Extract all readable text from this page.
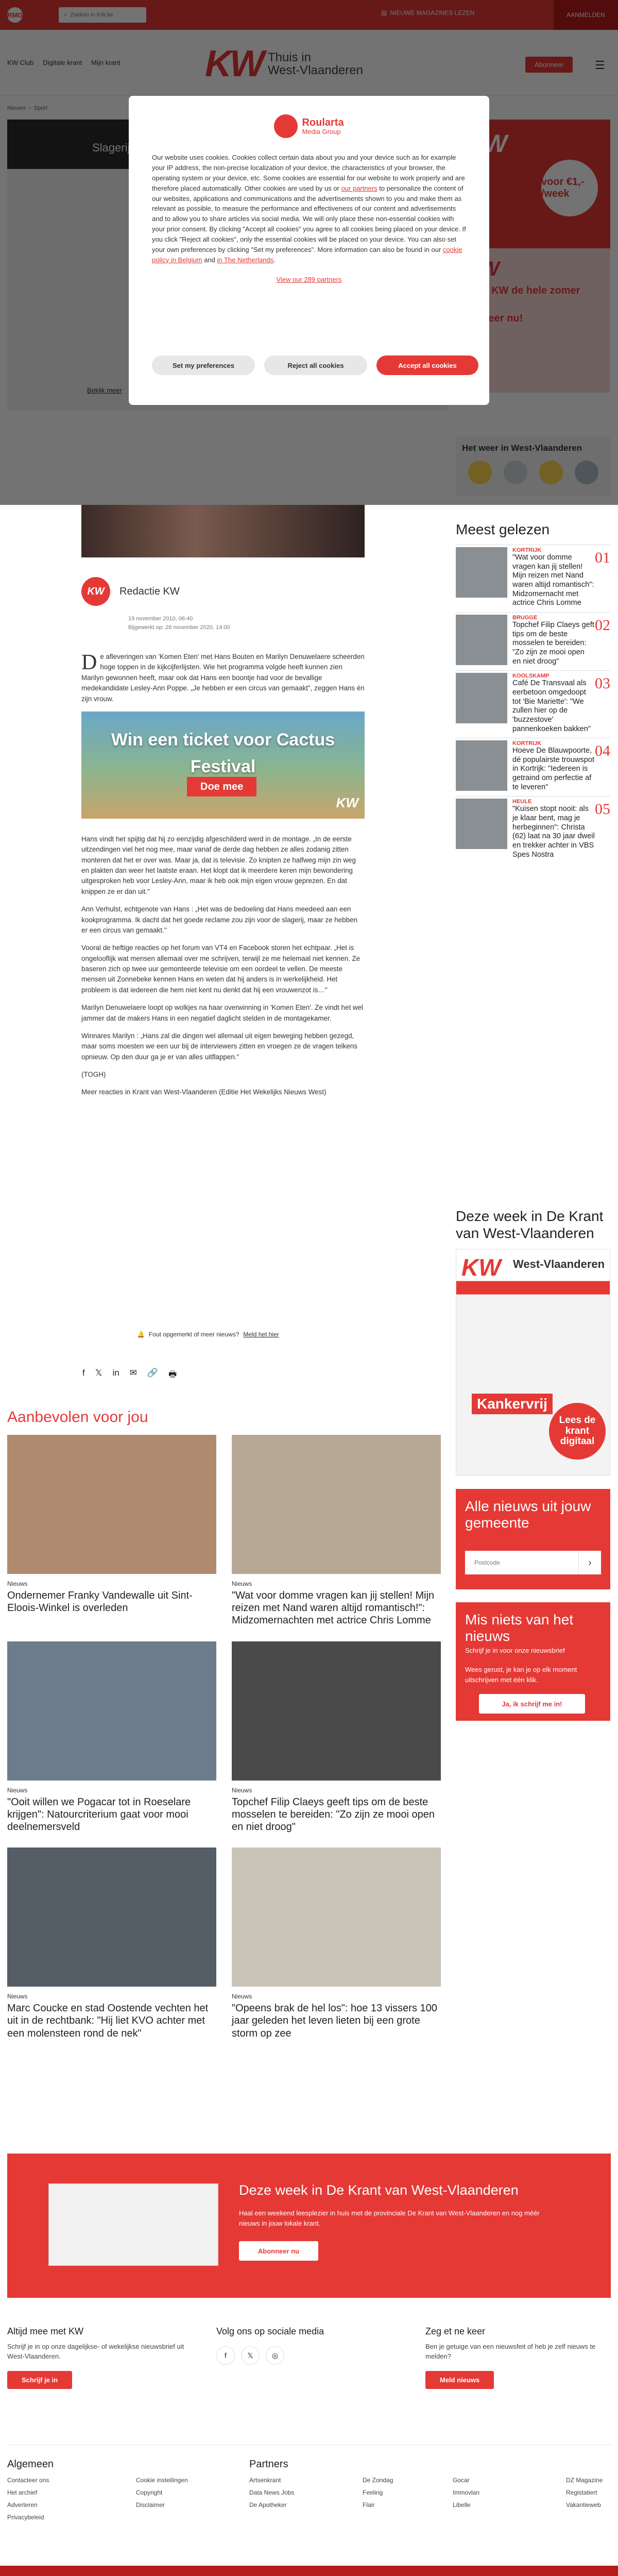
Roularta
Media Group
Our website uses cookies. Cookies collect certain data about you and your device such as for example your IP address, the non-precise localization of your device, the characteristics of your browser, the operating system or your device, etc. Some cookies are essential for our website to work properly and are therefore placed automatically. Other cookies are used by us or our partners to personalize the content of our websites, applications and communications and the advertisements shown to you and make them as relevant as possible, to measure the performance and effectiveness of our content and advertisements and to allow you to share articles via social media. We will only place these non-essential cookies with your prior consent. By clicking "Accept all cookies" you agree to all cookies being placed on your device. If you click "Reject all cookies", only the essential cookies will be placed on your device. You can also set your own preferences by clicking "Set my preferences". More information can also be found in our cookie policy in Belgium and in The Netherlands.
View our 289 partners
Set my preferences	Reject all cookies	Accept all cookies
KW	Redactie KW
19 november 2010, 06:40
Bijgewerkt op: 26 november 2020, 14:00

De afleveringen van 'Komen Eten' met Hans Bouten en Marilyn Denuwelaere scheerden hoge toppen in de kijkcijferlijsten. Wie het programma volgde heeft kunnen zien Marilyn gewonnen heeft, maar ook dat Hans een boontje had voor de bevallige medekandidate Lesley-Ann Poppe. „Je hebben er een circus van gemaakt", zeggen Hans én zijn vrouw.

Win een ticket voor Cactus Festival
Doe mee
KW

Hans vindt het spijtig dat hij zo eenzijdig afgeschilderd werd in de montage. „In de eerste uitzendingen viel het nog mee, maar vanaf de derde dag hebben ze alles zodanig zitten monteren dat het er over was. Maar ja, dat is televisie. Zo knipten ze halfweg mijn zin weg en plakten dan weer het laatste eraan. Het klopt dat ik meerdere keren mijn bewondering uitgesproken heb voor Lesley-Ann, maar ik heb ook mijn eigen vrouw geprezen. En dat knippen ze er dan uit."

Ann Verhulst, echtgenote van Hans : „Het was de bedoeling dat Hans meedeed aan een kookprogramma. Ik dacht dat het goede reclame zou zijn voor de slagerij, maar ze hebben er een circus van gemaakt."

Vooral de heftige reacties op het forum van VT4 en Facebook storen het echtpaar. „Het is ongelooflijk wat mensen allemaal over me schrijven, terwijl ze me helemaal niet kennen. Ze baseren zich op twee uur gemonteerde televisie om een oordeel te vellen. De meeste mensen uit Zonnebeke kennen Hans en weten dat hij anders is in werkelijkheid. Het probleem is dat iedereen die hem niet kent nu denkt dat hij een vrouwenzot is…"

Marilyn Denuwelaere loopt op wolkjes na haar overwinning in 'Komen Eten'. Ze vindt het wel jammer dat de makers Hans in een negatief daglicht stelden in de montagekamer.

Winnares Marilyn : „Hans zal die dingen wel allemaal uit eigen beweging hebben gezegd, maar soms moesten we een uur bij de interviewers zitten en vroegen ze de vragen telkens opnieuw. Op den duur ga je er van alles uitflappen."

(TOGH)

Meer reacties in Krant van West-Vlaanderen (Editie Het Wekelijks Nieuws West)

🔔 Fout opgemerkt of meer nieuws? Meld het hier
f 𝕏 in ✉ 🔗 🖶
Meest gelezen
KORTRIJK
"Wat voor domme vragen kan jij stellen! Mijn reizen met Nand waren altijd romantisch": Midzomernacht met actrice Chris Lomme
01
BRUGGE
Topchef Filip Claeys geft tips om de beste mosselen te bereiden: "Zo zijn ze mooi open en niet droog"
02
KOOLSKAMP
Café De Transvaal als eerbetoon omgedoopt tot 'Bie Mariette': "We zullen hier op de 'buzzestove' pannenkoeken bakken"
03
KORTRIJK
Hoeve De Blauwpoorte, dé populairste trouwspot in Kortrijk: "Iedereen is getraind om perfectie af te leveren"
04
HEULE
"Kuisen stopt nooit: als je klaar bent, mag je herbeginnen": Christa (62) laat na 30 jaar dweil en trekker achter in VBS Spes Nostra
05
Deze week in De Krant van West-Vlaanderen
KW West-Vlaanderen
Kankervrij
Lees de krant digitaal
Alle nieuws uit jouw gemeente
Postcode	›
Mis niets van het nieuws
Schrijf je in voor onze nieuwsbrief
Wees gerust, je kan je op elk moment uitschrijven met één klik.
Ja, ik schrijf me in!
Aanbevolen voor jou
Nieuws
Ondernemer Franky Vandewalle uit Sint-Eloois-Winkel is overleden
Nieuws
"Wat voor domme vragen kan jij stellen! Mijn reizen met Nand waren altijd romantisch!": Midzomernachten met actrice Chris Lomme
Nieuws
"Ooit willen we Pogacar tot in Roeselare krijgen": Natourcriterium gaat voor mooi deelnemersveld
Nieuws
Topchef Filip Claeys geeft tips om de beste mosselen te bereiden: "Zo zijn ze mooi open en niet droog"
Nieuws
Marc Coucke en stad Oostende vechten het uit in de rechtbank: "Hij liet KVO achter met een molensteen rond de nek"
Nieuws
"Opeens brak de hel los": hoe 13 vissers 100 jaar geleden het leven lieten bij een grote storm op zee
Deze week in De Krant van West-Vlaanderen

Haal een weekend leesplezier in huis met de provinciale De Krant van West-Vlaanderen en nog méér nieuws in jouw lokale krant.

Abonneer nu
Altijd mee met KW

Schrijf je in op onze dagelijkse- of wekelijkse nieuwsbrief uit West-Vlaanderen.

Schrijf je in
Volg ons op sociale media
f	𝕏	◎
Zeg et ne keer

Ben je getuige van een nieuwsfeit of heb je zelf nieuws te melden?

Meld nieuws
Algemeen	Partners
Contacteer ons	Cookie instellingen	Artsenkrant	De Zondag	Gocar	DZ Magazine
Het archief	Copyright	Data News Jobs	Feeling	Immovlan	Registatiert
Adverteren	Disclaimer	De Apotheker	Flair	Libelle	Vakantieweb
Privacybeleid
